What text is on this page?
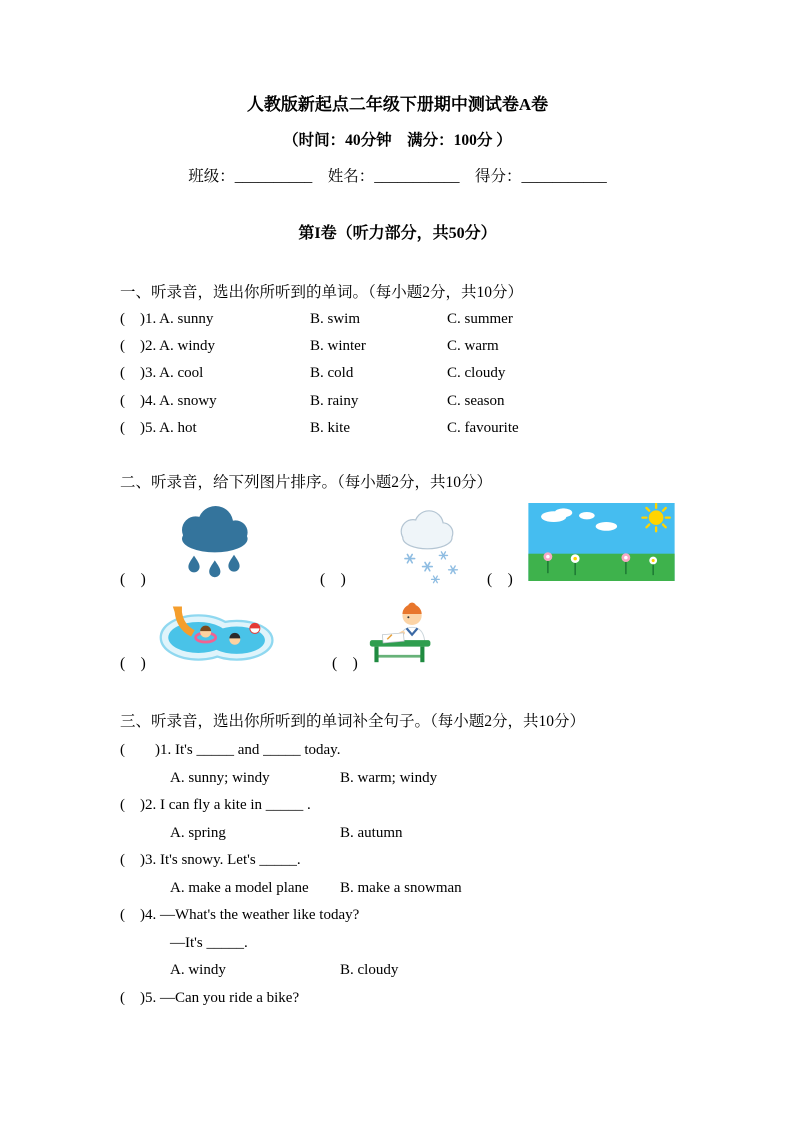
人教版新起点二年级下册期中测试卷A卷
（时间：40分钟　满分：100分 ）
班级：__________　姓名：___________　得分：___________
第I卷（听力部分，共50分）
一、听录音，选出你所听到的单词。（每小题2分，共10分）
(　)1. A. sunny	B. swim	C. summer
(　)2. A. windy	B. winter	C. warm
(　)3. A. cool	B. cold	C. cloudy
(　)4. A. snowy	B. rainy	C. season
(　)5. A. hot	B. kite	C. favourite
二、听录音，给下列图片排序。（每小题2分，共10分）
(　)	(　)	(　)
(　)	(　)
三、听录音，选出你所听到的单词补全句子。（每小题2分，共10分）
(　　)1. It's _____ and _____ today.
A. sunny; windy	B. warm; windy
(　)2. I can fly a kite in _____ .
A. spring	B. autumn
(　)3. It's snowy. Let's _____.
A. make a model plane	B. make a snowman
(　)4. —What's the weather like today?
—It's _____.
A. windy	B. cloudy
(　)5. —Can you ride a bike?
